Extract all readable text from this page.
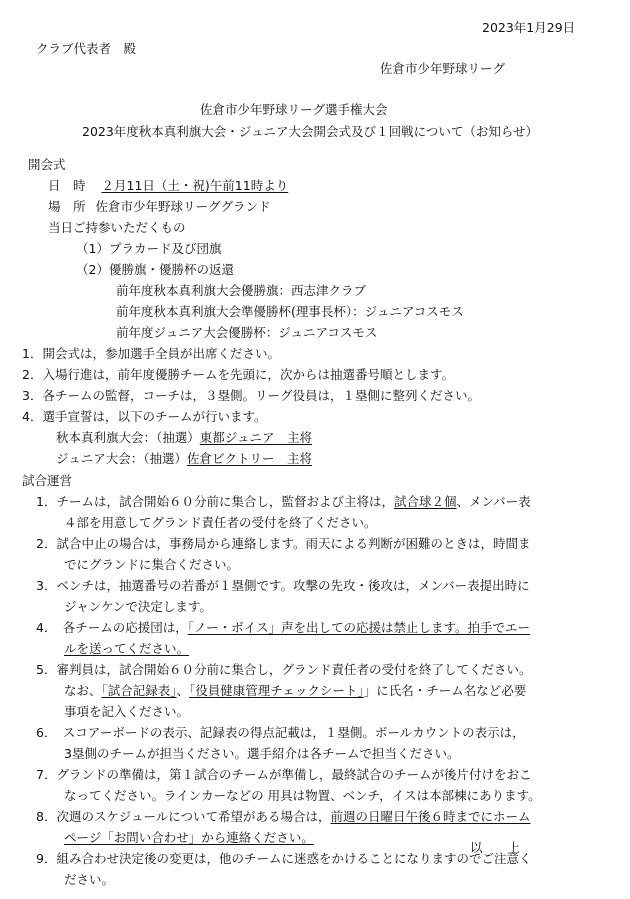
2023年1月29日
クラブ代表者　殿
佐倉市少年野球リーグ
佐倉市少年野球リーグ選手権大会
2023年度秋本真利旗大会・ジュニア大会開会式及び１回戦について（お知らせ）
開会式
日　時 ２月11日（土・祝)午前11時より
場　所 佐倉市少年野球リーググランド
当日ご持参いただくもの
（1）プラカード及び団旗
（2）優勝旗・優勝杯の返還
前年度秋本真利旗大会優勝旗：西志津クラブ
前年度秋本真利旗大会準優勝杯(理事長杯）：ジュニアコスモス
前年度ジュニア大会優勝杯：ジュニアコスモス
1．開会式は，参加選手全員が出席ください。
2．入場行進は，前年度優勝チームを先頭に，次からは抽選番号順とします。
3．各チームの監督，コーチは，３塁側。リーグ役員は，１塁側に整列ください。
4．選手宣誓は，以下のチームが行います。
秋本真利旗大会：（抽選）東都ジュニア　主将
ジュニア大会：（抽選）佐倉ビクトリー　主将
試合運営
1．チームは，試合開始６０分前に集合し，監督および主将は，試合球２個、メンバー表
４部を用意してグランド責任者の受付を終了ください。
2．試合中止の場合は，事務局から連絡します。雨天による判断が困難のときは，時間ま
でにグランドに集合ください。
3．ベンチは，抽選番号の若番が１塁側です。攻撃の先攻・後攻は，メンバー表提出時に
ジャンケンで決定します。
4．　各チームの応援団は，「ノー・ボイス」声を出しての応援は禁止します。拍手でエー
ルを送ってください。
5．審判員は，試合開始６０分前に集合し，グランド責任者の受付を終了してください。
なお、「試合記録表」、「役員健康管理チェックシート」」に氏名・チーム名など必要
事項を記入ください。
6．　スコアーボードの表示、記録表の得点記載は，１塁側。ボールカウントの表示は，
3塁側のチームが担当ください。選手紹介は各チームで担当ください。
7．グランドの準備は，第１試合のチームが準備し，最終試合のチームが後片付けをおこ
なってください。ラインカーなどの 用具は物置、ベンチ，イスは本部棟にあります。
8．次週のスケジュールについて希望がある場合は，前週の日曜日午後６時までにホーム
ページ「お問い合わせ」から連絡ください。
9．組み合わせ決定後の変更は，他のチームに迷惑をかけることになりますのでご注意く
ださい。
以　　上
